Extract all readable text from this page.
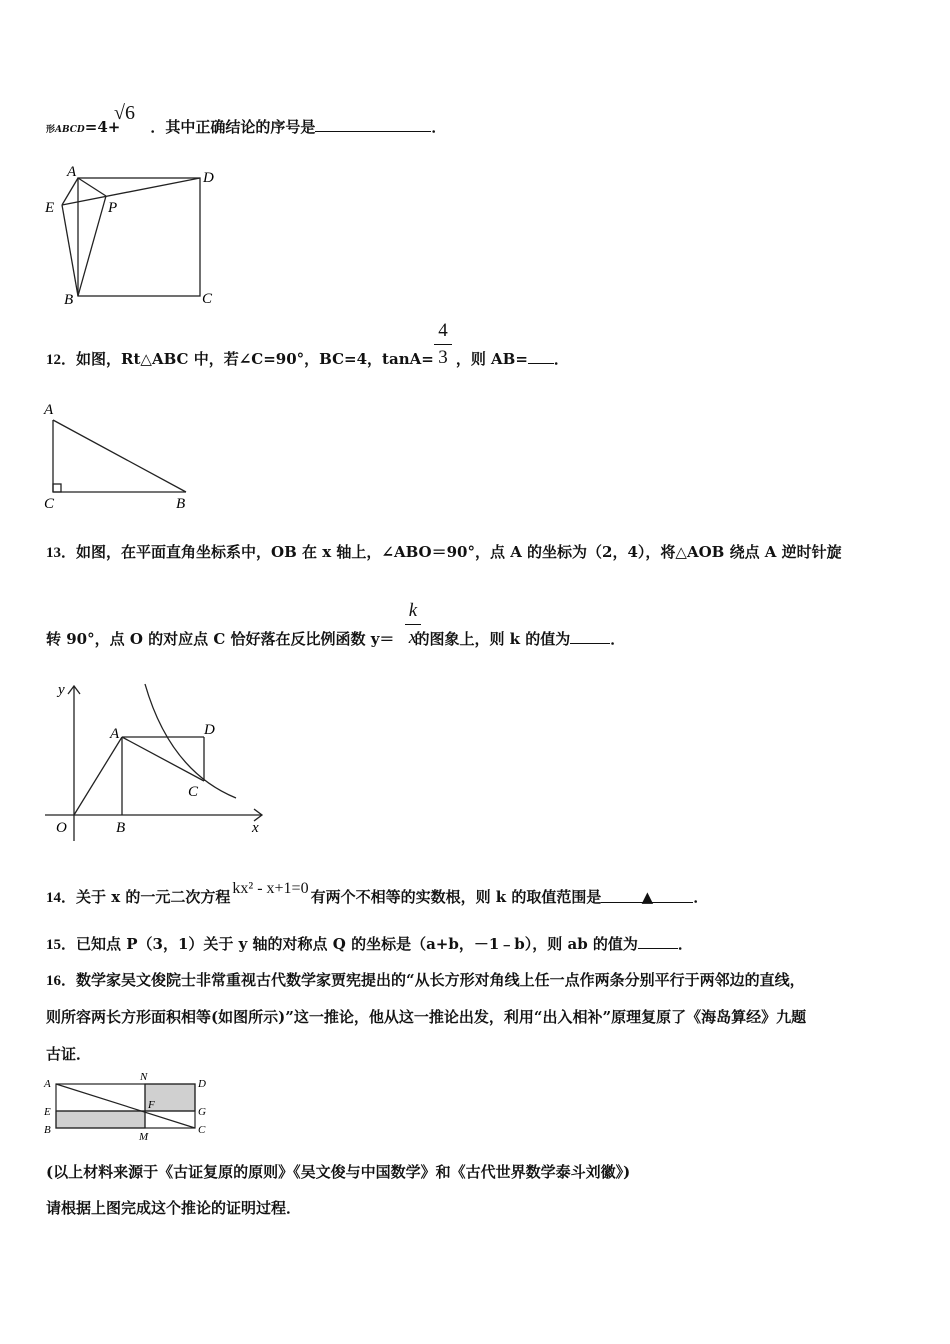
形ABCD=4+ ．其中正确结论的序号是	．
√6
A	D
E	P
B	C
12．如图，Rt△ABC 中，若∠C=90°，BC=4，tanA= ，则 AB= ．
4
3
A
C	B
13．如图，在平面直角坐标系中，OB 在 x 轴上，∠ABO＝90°，点 A 的坐标为（2，4），将△AOB 绕点 A 逆时针旋
转 90°，点 O 的对应点 C 恰好落在反比例函数 y＝ 的图象上，则 k 的值为	．
k
x
y
A	D
C
O	B	x
14．关于 x 的一元二次方程 kx² - x+1=0 有两个不相等的实数根，则 k 的取值范围是	▲	．
15．已知点 P（3，1）关于 y 轴的对称点 Q 的坐标是（a+b，－1﹣b），则 ab 的值为	．
16．数学家吴文俊院士非常重视古代数学家贾宪提出的“从长方形对角线上任一点作两条分别平行于两邻边的直线，
则所容两长方形面积相等(如图所示)”这一推论，他从这一推论出发，利用“出入相补”原理复原了《海岛算经》九题
古证．
A
N
D
E
F
G
B
M
C
(以上材料来源于《古证复原的原则》《吴文俊与中国数学》和《古代世界数学泰斗刘徽》)
请根据上图完成这个推论的证明过程．
